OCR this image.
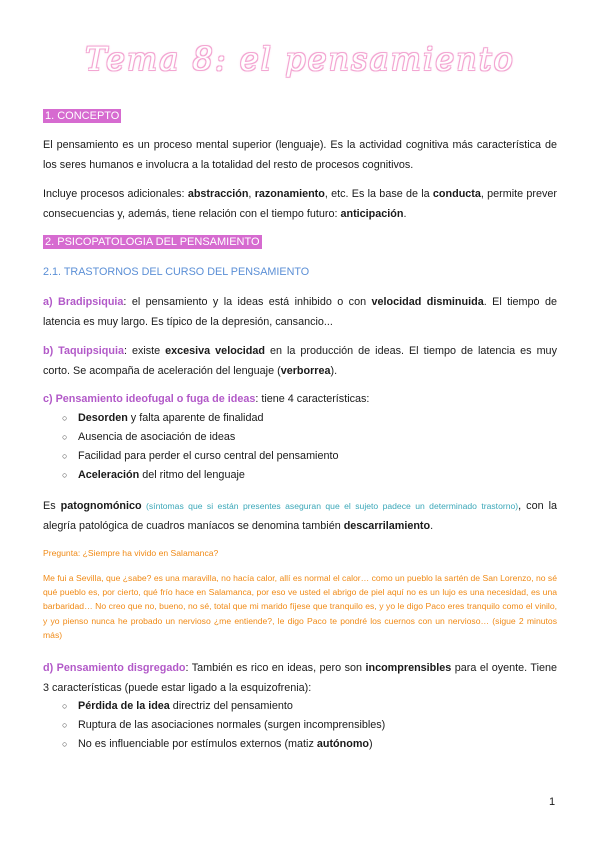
Tema 8: el pensamiento
1. CONCEPTO
El pensamiento es un proceso mental superior (lenguaje). Es la actividad cognitiva más característica de los seres humanos e involucra a la totalidad del resto de procesos cognitivos.
Incluye procesos adicionales: abstracción, razonamiento, etc. Es la base de la conducta, permite prever consecuencias y, además, tiene relación con el tiempo futuro: anticipación.
2. PSICOPATOLOGIA DEL PENSAMIENTO
2.1. TRASTORNOS DEL CURSO DEL PENSAMIENTO
a) Bradipsiquia: el pensamiento y la ideas está inhibido o con velocidad disminuida. El tiempo de latencia es muy largo. Es típico de la depresión, cansancio...
b) Taquipsiquia: existe excesiva velocidad en la producción de ideas. El tiempo de latencia es muy corto. Se acompaña de aceleración del lenguaje (verborrea).
c) Pensamiento ideofugal o fuga de ideas: tiene 4 características:
○ Desorden y falta aparente de finalidad
○ Ausencia de asociación de ideas
○ Facilidad para perder el curso central del pensamiento
○ Aceleración del ritmo del lenguaje
Es patognomónico (síntomas que si están presentes aseguran que el sujeto padece un determinado trastorno), con la alegría patológica de cuadros maníacos se denomina también descarrilamiento.
Pregunta: ¿Siempre ha vivido en Salamanca?
Me fui a Sevilla, que ¿sabe? es una maravilla, no hacía calor, allí es normal el calor… como un pueblo la sartén de San Lorenzo, no sé qué pueblo es, por cierto, qué frío hace en Salamanca, por eso ve usted el abrigo de piel aquí no es un lujo es una necesidad, es una barbaridad… No creo que no, bueno, no sé, total que mi marido fíjese que tranquilo es, y yo le digo Paco eres tranquilo como el vinilo, y yo pienso nunca he probado un nervioso ¿me entiende?, le digo Paco te pondré los cuernos con un nervioso… (sigue 2 minutos más)
d) Pensamiento disgregado: También es rico en ideas, pero son incomprensibles para el oyente. Tiene 3 características (puede estar ligado a la esquizofrenia):
○ Pérdida de la idea directriz del pensamiento
○ Ruptura de las asociaciones normales (surgen incomprensibles)
○ No es influenciable por estímulos externos (matiz autónomo)
1
